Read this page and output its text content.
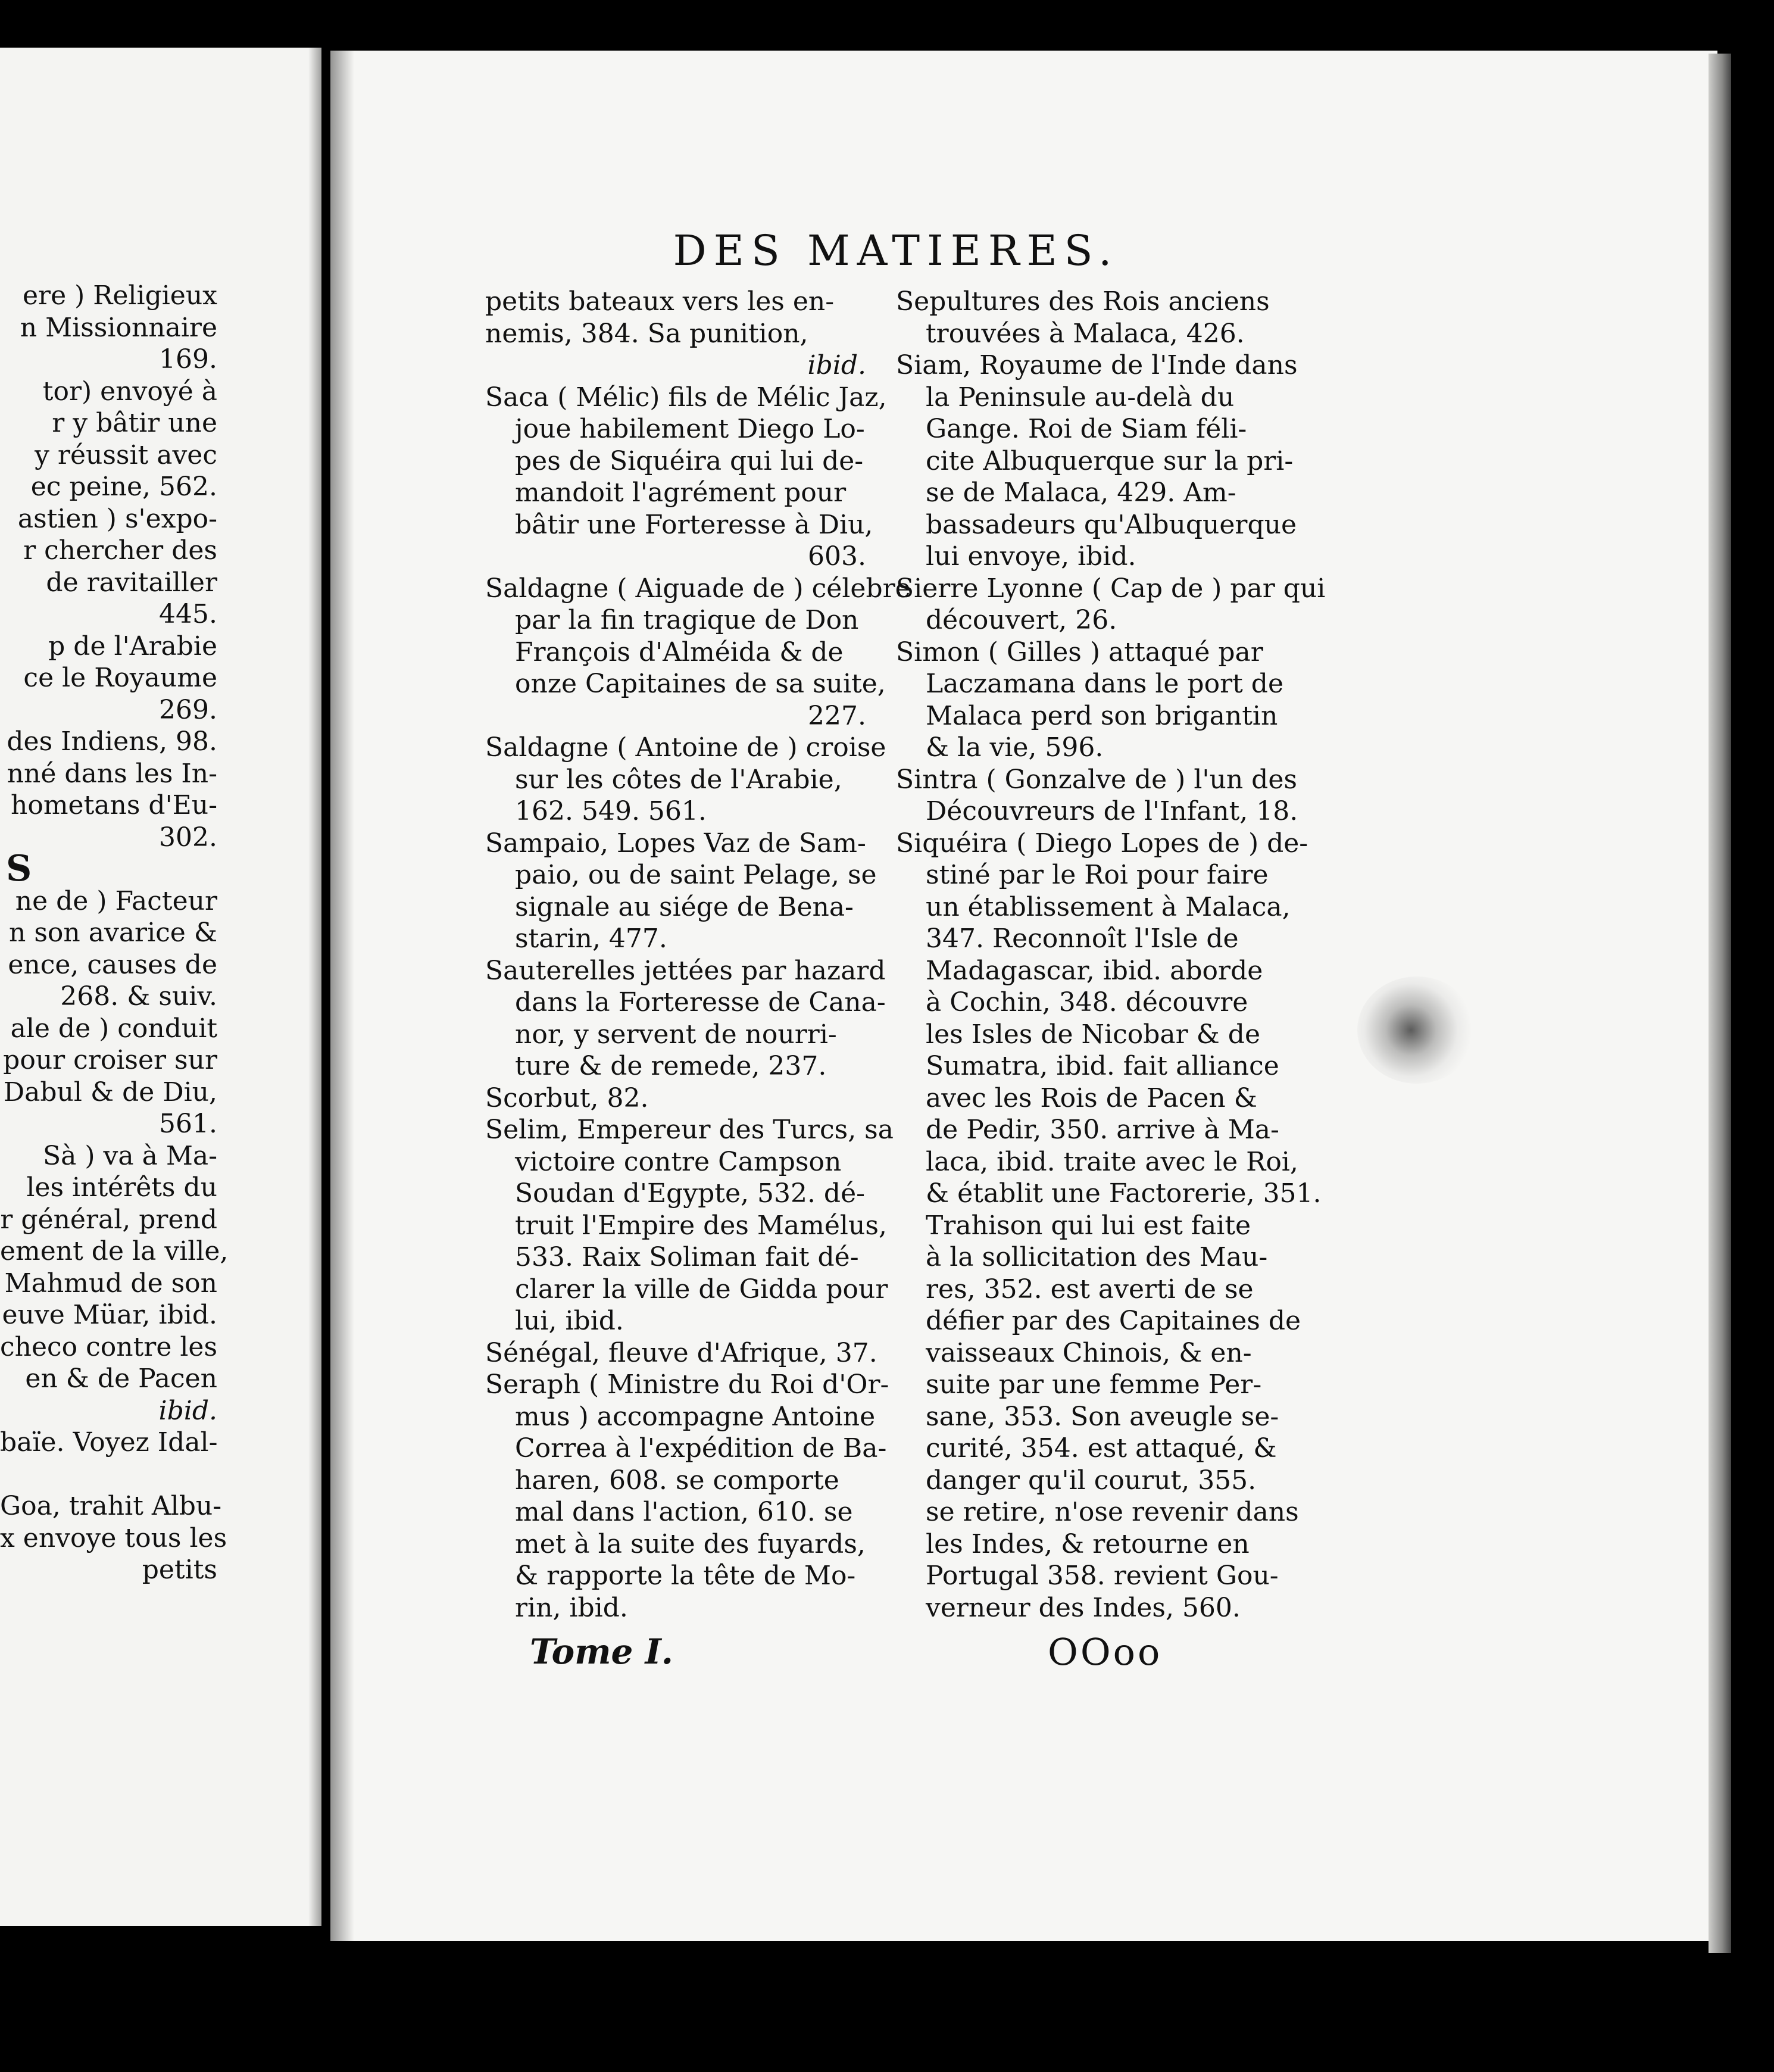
ere ) Religieux
n Missionnaire
169.
tor) envoyé à
r y bâtir une
y réussit avec
ec peine, 562.
astien ) s'expo-
r chercher des
de ravitailler
445.
p de l'Arabie
ce le Royaume
269.
des Indiens, 98.
nné dans les In-
hometans d'Eu-
302.
S
ne de ) Facteur
n son avarice &
ence, causes de
268. & suiv.
ale de ) conduit
pour croiser sur
Dabul & de Diu,
561.
Sà ) va à Ma-
les intérêts du
r général, prend
ement de la ville,
Mahmud de son
euve Müar, ibid.
checo contre les
en & de Pacen
ibid.
baïe. Voyez Idal-
Goa, trahit Albu-
x envoye tous les
petits
DES MATIERES.
petits bateaux vers les en-
nemis, 384. Sa punition,
ibid.
Saca ( Mélic) fils de Mélic Jaz,
joue habilement Diego Lo-
pes de Siquéira qui lui de-
mandoit l'agrément pour
bâtir une Forteresse à Diu,
603.
Saldagne ( Aiguade de ) célebre
par la fin tragique de Don
François d'Alméida & de
onze Capitaines de sa suite,
227.
Saldagne ( Antoine de ) croise
sur les côtes de l'Arabie,
162. 549. 561.
Sampaio, Lopes Vaz de Sam-
paio, ou de saint Pelage, se
signale au siége de Bena-
starin, 477.
Sauterelles jettées par hazard
dans la Forteresse de Cana-
nor, y servent de nourri-
ture & de remede, 237.
Scorbut, 82.
Selim, Empereur des Turcs, sa
victoire contre Campson
Soudan d'Egypte, 532. dé-
truit l'Empire des Mamélus,
533. Raix Soliman fait dé-
clarer la ville de Gidda pour
lui, ibid.
Sénégal, fleuve d'Afrique, 37.
Seraph ( Ministre du Roi d'Or-
mus ) accompagne Antoine
Correa à l'expédition de Ba-
haren, 608. se comporte
mal dans l'action, 610. se
met à la suite des fuyards,
& rapporte la tête de Mo-
rin, ibid.
Sepultures des Rois anciens
trouvées à Malaca, 426.
Siam, Royaume de l'Inde dans
la Peninsule au-delà du
Gange. Roi de Siam féli-
cite Albuquerque sur la pri-
se de Malaca, 429. Am-
bassadeurs qu'Albuquerque
lui envoye, ibid.
Sierre Lyonne ( Cap de ) par qui
découvert, 26.
Simon ( Gilles ) attaqué par
Laczamana dans le port de
Malaca perd son brigantin
& la vie, 596.
Sintra ( Gonzalve de ) l'un des
Découvreurs de l'Infant, 18.
Siquéira ( Diego Lopes de ) de-
stiné par le Roi pour faire
un établissement à Malaca,
347. Reconnoît l'Isle de
Madagascar, ibid. aborde
à Cochin, 348. découvre
les Isles de Nicobar & de
Sumatra, ibid. fait alliance
avec les Rois de Pacen &
de Pedir, 350. arrive à Ma-
laca, ibid. traite avec le Roi,
& établit une Factorerie, 351.
Trahison qui lui est faite
à la sollicitation des Mau-
res, 352. est averti de se
défier par des Capitaines de
vaisseaux Chinois, & en-
suite par une femme Per-
sane, 353. Son aveugle se-
curité, 354. est attaqué, &
danger qu'il courut, 355.
se retire, n'ose revenir dans
les Indes, & retourne en
Portugal 358. revient Gou-
verneur des Indes, 560.
Tome I.	OOoo
